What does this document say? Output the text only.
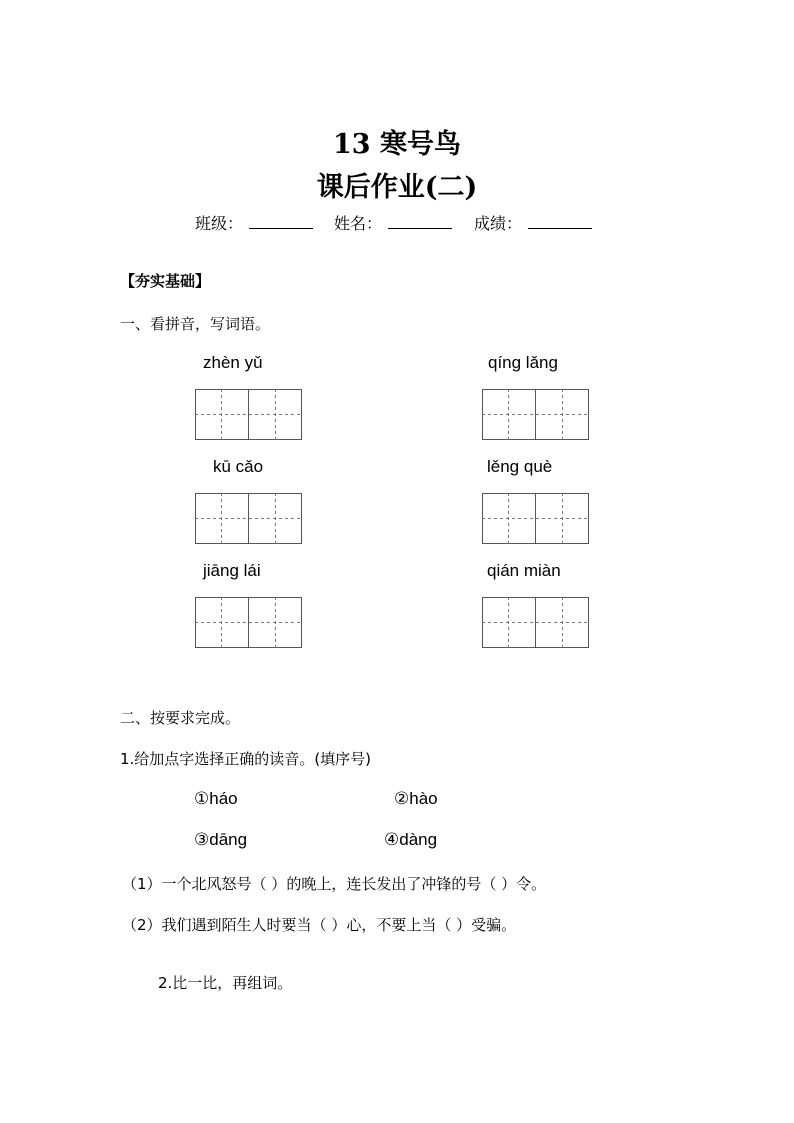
13 寒号鸟
课后作业(二)
班级：	姓名：	成绩：
【夯实基础】
一、看拼音，写词语。
zhèn yǔ	qíng lǎng
kū cǎo	lěng què
jiāng lái	qián miàn
二、按要求完成。
1.给加点字选择正确的读音。(填序号)
①háo	②hào
③dāng	④dàng
（1）一个北风怒号（ ）的晚上，连长发出了冲锋的号（ ）令。
（2）我们遇到陌生人时要当（ ）心，不要上当（ ）受骗。
2.比一比，再组词。
